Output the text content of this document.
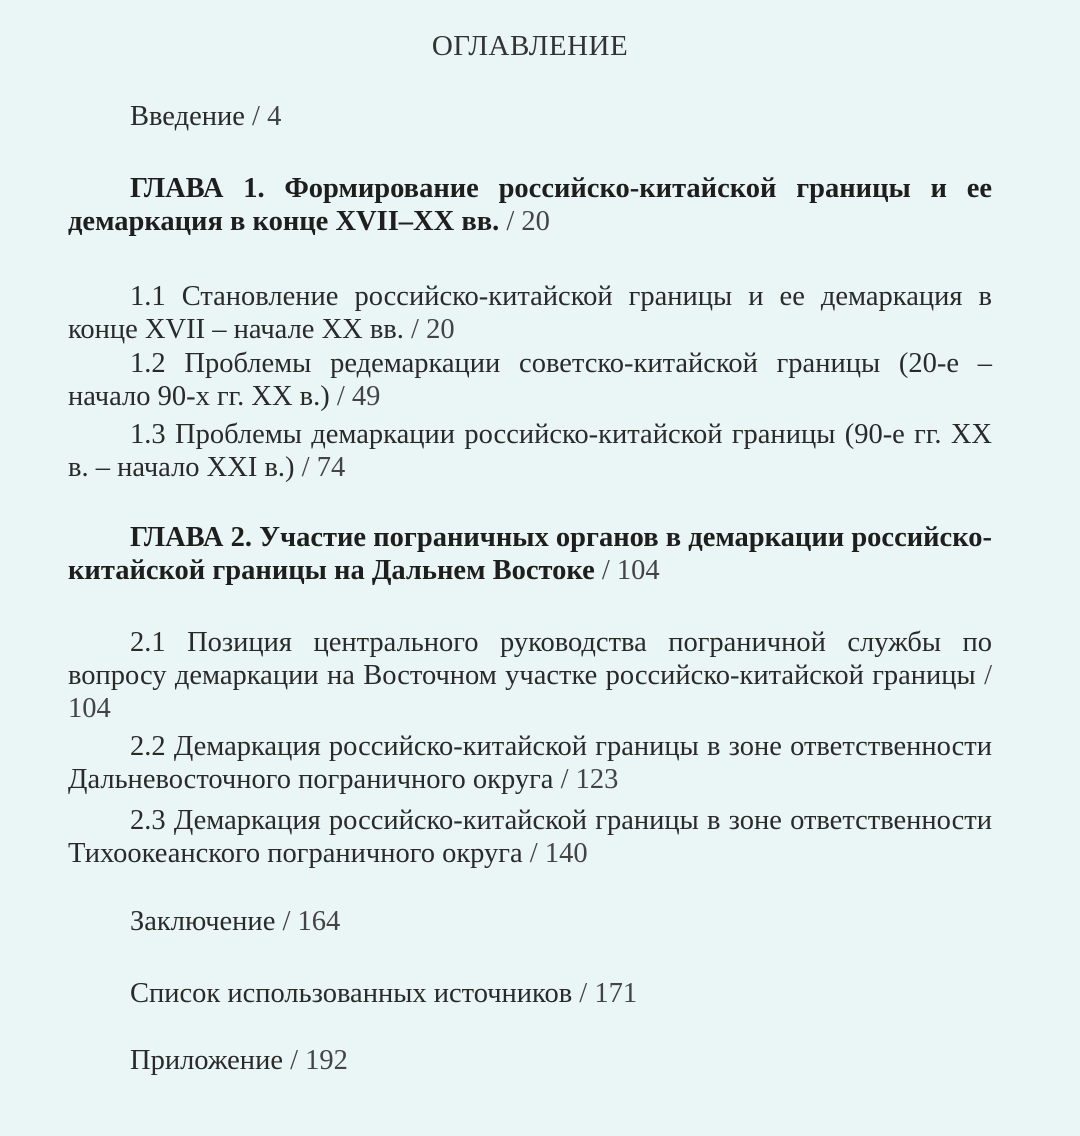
ОГЛАВЛЕНИЕ
Введение / 4
ГЛАВА 1. Формирование российско-китайской границы и ее демаркация в конце XVII–XX вв. / 20
1.1 Становление российско-китайской границы и ее демаркация в конце XVII – начале XX вв. / 20
1.2 Проблемы редемаркации советско-китайской границы (20-е – начало 90-х гг. XX в.) / 49
1.3 Проблемы демаркации российско-китайской границы (90-е гг. XX в. – начало XXI в.) / 74
ГЛАВА 2. Участие пограничных органов в демаркации российско-китайской границы на Дальнем Востоке / 104
2.1 Позиция центрального руководства пограничной службы по вопросу демаркации на Восточном участке российско-китайской границы / 104
2.2 Демаркация российско-китайской границы в зоне ответственности Дальневосточного пограничного округа / 123
2.3 Демаркация российско-китайской границы в зоне ответственности Тихоокеанского пограничного округа / 140
Заключение / 164
Список использованных источников / 171
Приложение / 192
